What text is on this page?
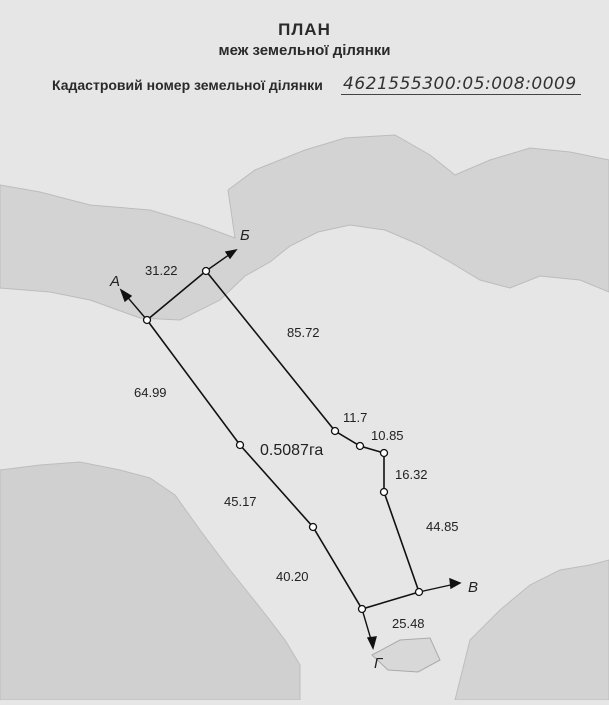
А
Б
В
Г
31.22
85.72
11.7
10.85
16.32
44.85
25.48
64.99
45.17
40.20
0.5087га
ПЛАН
меж земельної ділянки
Кадастровий номер земельної ділянки 4621555300:05:008:0009
